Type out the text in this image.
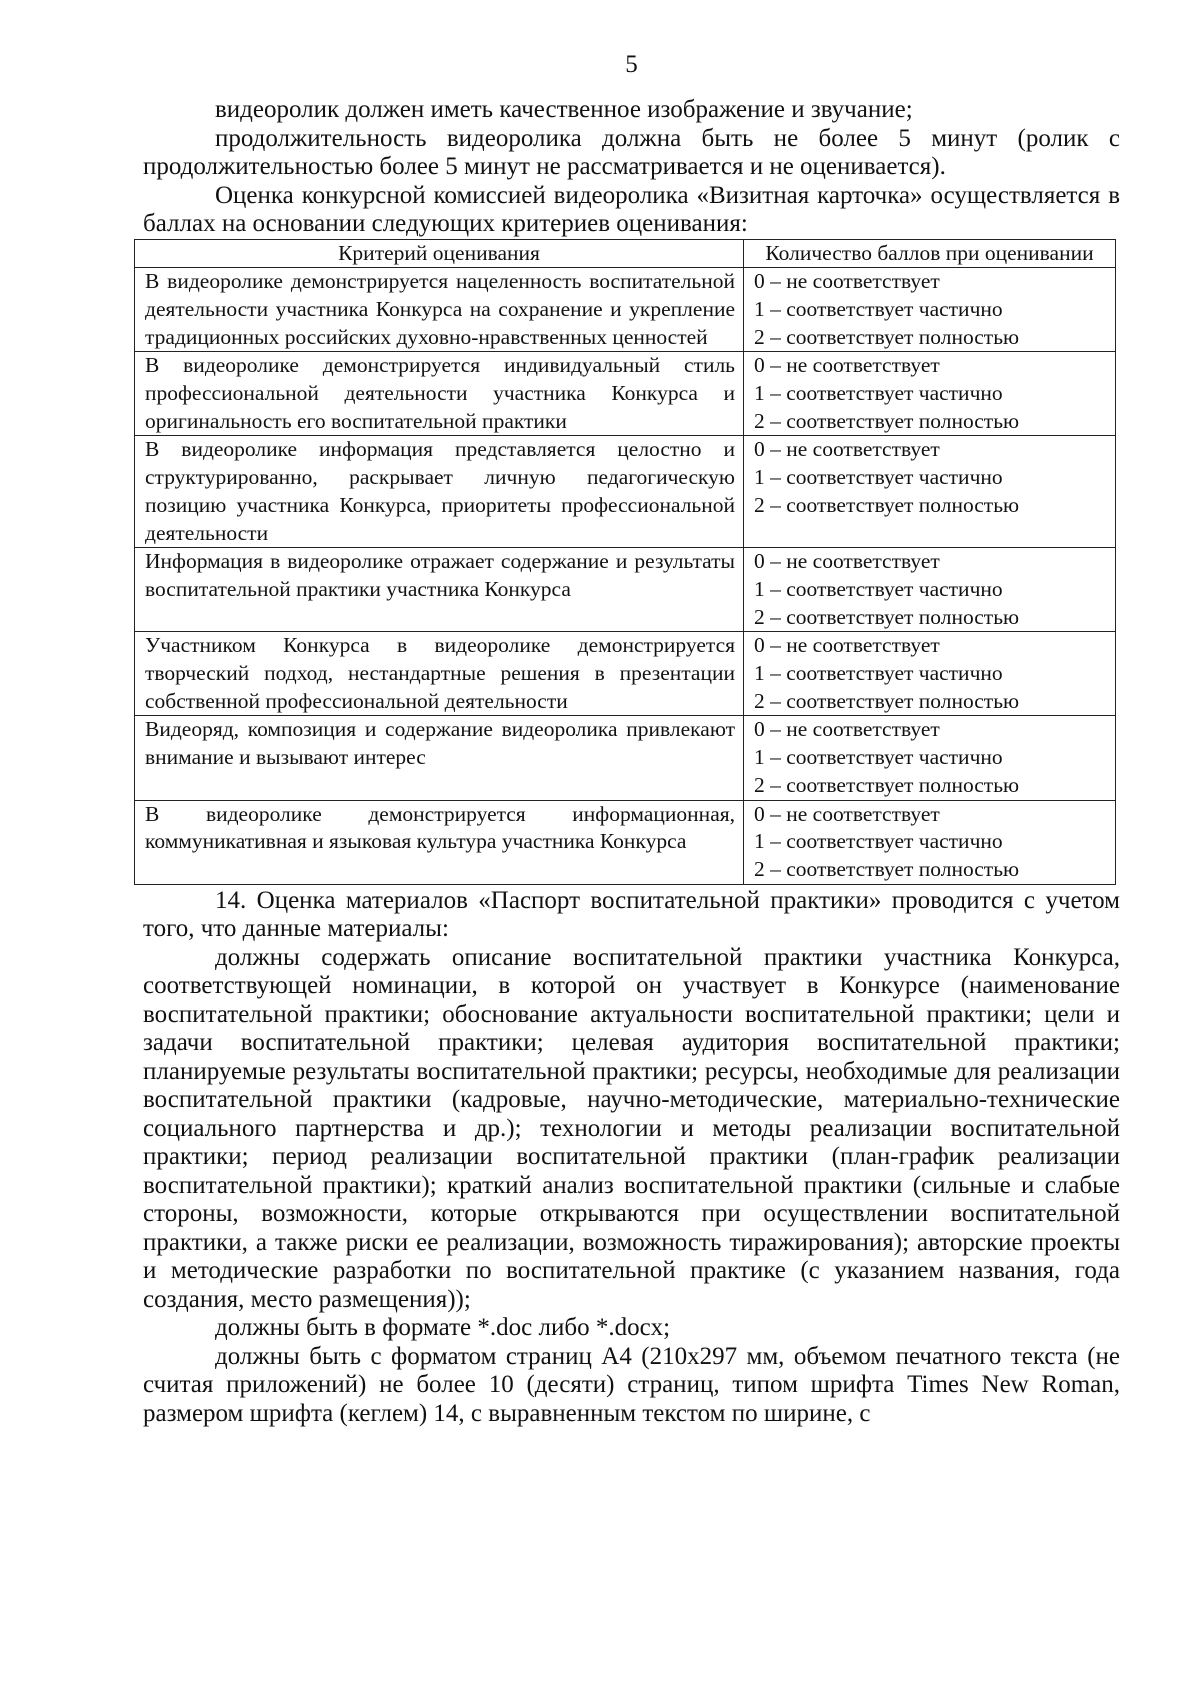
5

видеоролик должен иметь качественное изображение и звучание;

продолжительность видеоролика должна быть не более 5 минут (ролик с продолжительностью более 5 минут не рассматривается и не оценивается).

Оценка конкурсной комиссией видеоролика «Визитная карточка» осуществляется в баллах на основании следующих критериев оценивания:

Критерий оценивания	Количество баллов при оценивании
В видеоролике демонстрируется нацеленность воспитательной деятельности участника Конкурса на сохранение и укрепление традиционных российских духовно-нравственных ценностей	0 – не соответствует
1 – соответствует частично
2 – соответствует полностью

В видеоролике демонстрируется индивидуальный стиль профессиональной деятельности участника Конкурса и оригинальность его воспитательной практики	0 – не соответствует
1 – соответствует частично
2 – соответствует полностью

В видеоролике информация представляется целостно и структурированно, раскрывает личную педагогическую позицию участника Конкурса, приоритеты профессиональной деятельности	0 – не соответствует
1 – соответствует частично
2 – соответствует полностью

Информация в видеоролике отражает содержание и результаты воспитательной практики участника Конкурса	0 – не соответствует
1 – соответствует частично
2 – соответствует полностью

Участником Конкурса в видеоролике демонстрируется творческий подход, нестандартные решения в презентации собственной профессиональной деятельности	0 – не соответствует
1 – соответствует частично
2 – соответствует полностью

Видеоряд, композиция и содержание видеоролика привлекают внимание и вызывают интерес	0 – не соответствует
1 – соответствует частично
2 – соответствует полностью

В видеоролике демонстрируется информационная, коммуникативная и языковая культура участника Конкурса	0 – не соответствует
1 – соответствует частично
2 – соответствует полностью

14. Оценка материалов «Паспорт воспитательной практики» проводится с учетом того, что данные материалы:

должны содержать описание воспитательной практики участника Конкурса, соответствующей номинации, в которой он участвует в Конкурсе (наименование воспитательной практики; обоснование актуальности воспитательной практики; цели и задачи воспитательной практики; целевая аудитория воспитательной практики; планируемые результаты воспитательной практики; ресурсы, необходимые для реализации воспитательной практики (кадровые, научно-методические, материально-технические социального партнерства и др.); технологии и методы реализации воспитательной практики; период реализации воспитательной практики (план-график реализации воспитательной практики); краткий анализ воспитательной практики (сильные и слабые стороны, возможности, которые открываются при осуществлении воспитательной практики, а также риски ее реализации, возможность тиражирования); авторские проекты и методические разработки по воспитательной практике (с указанием названия, года создания, место размещения));

должны быть в формате *.doc либо *.docx;

должны быть с форматом страниц А4 (210x297 мм, объемом печатного текста (не считая приложений) не более 10 (десяти) страниц, типом шрифта Times New Roman, размером шрифта (кеглем) 14, с выравненным текстом по ширине, с
